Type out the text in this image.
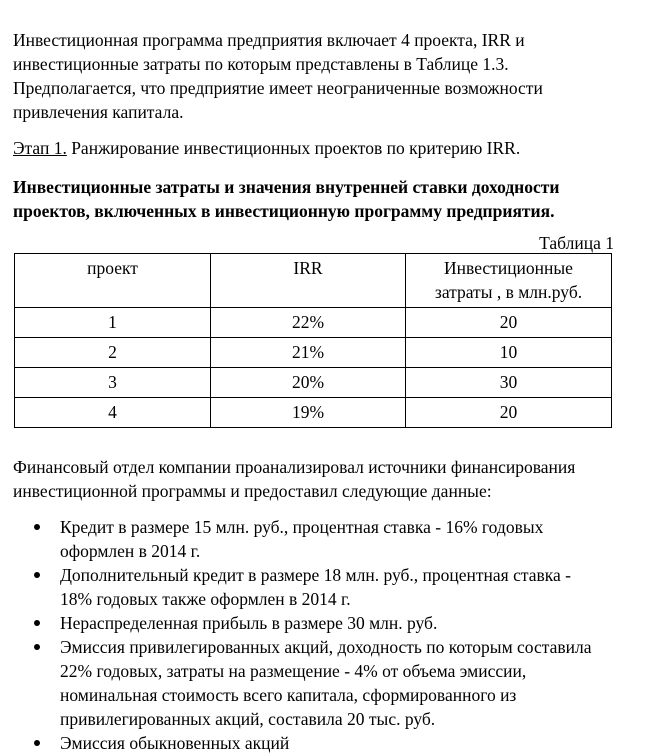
Инвестиционная программа предприятия включает 4 проекта, IRR и
инвестиционные затраты по которым представлены в Таблице 1.3.
Предполагается, что предприятие имеет неограниченные возможности
привлечения капитала.
Этап 1. Ранжирование инвестиционных проектов по критерию IRR.
Инвестиционные затраты и значения внутренней ставки доходности
проектов, включенных в инвестиционную программу предприятия.
Таблица 1
проект	IRR	Инвестиционные
затраты , в млн.руб.

1	22%	20
2	21%	10
3	20%	30
4	19%	20
Финансовый отдел компании проанализировал источники финансирования
инвестиционной программы и предоставил следующие данные:
Кредит в размере 15 млн. руб., процентная ставка - 16% годовых
оформлен в 2014 г.
Дополнительный кредит в размере 18 млн. руб., процентная ставка -
18% годовых также оформлен в 2014 г.
Нераспределенная прибыль в размере 30 млн. руб.
Эмиссия привилегированных акций, доходность по которым составила
22% годовых, затраты на размещение - 4% от объема эмиссии,
номинальная стоимость всего капитала, сформированного из
привилегированных акций, составила 20 тыс. руб.
Эмиссия обыкновенных акций
